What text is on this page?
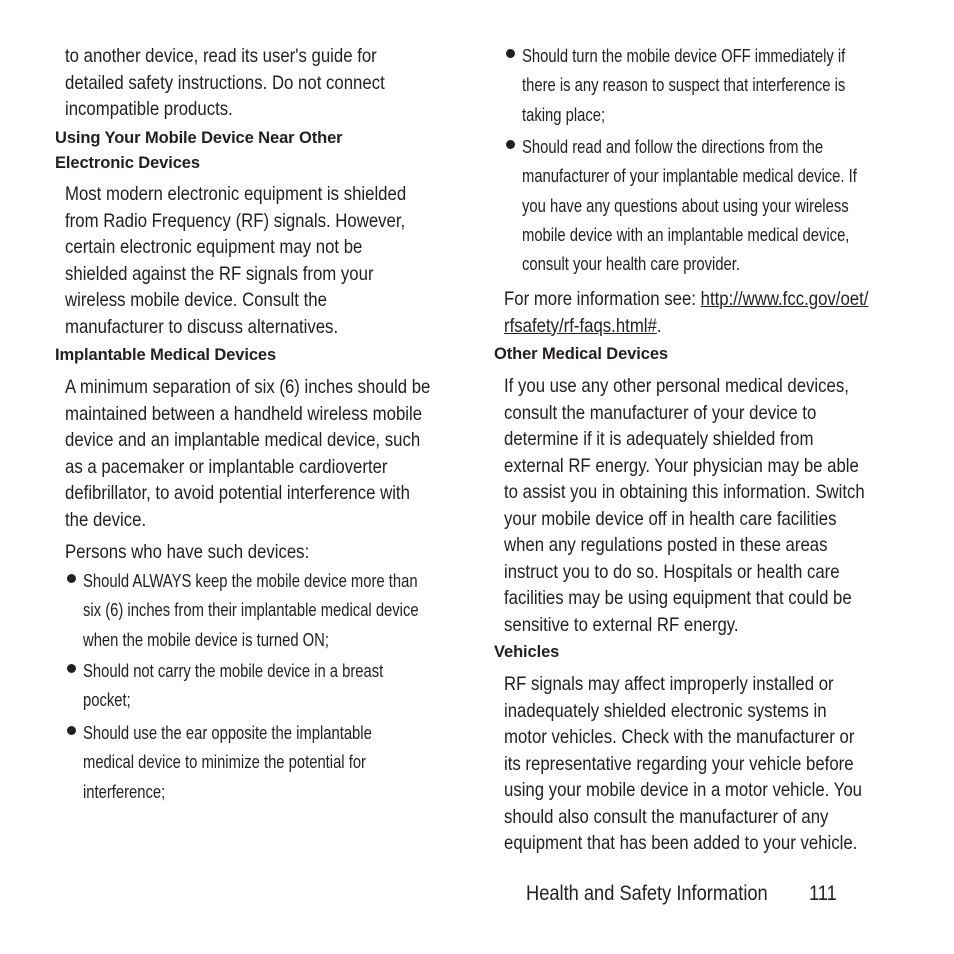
to another device, read its user's guide for
detailed safety instructions. Do not connect
incompatible products.
Using Your Mobile Device Near Other
Electronic Devices
Most modern electronic equipment is shielded
from Radio Frequency (RF) signals. However,
certain electronic equipment may not be
shielded against the RF signals from your
wireless mobile device. Consult the
manufacturer to discuss alternatives.
Implantable Medical Devices
A minimum separation of six (6) inches should be
maintained between a handheld wireless mobile
device and an implantable medical device, such
as a pacemaker or implantable cardioverter
defibrillator, to avoid potential interference with
the device.
Persons who have such devices:
Should ALWAYS keep the mobile device more than
six (6) inches from their implantable medical device
when the mobile device is turned ON;
Should not carry the mobile device in a breast
pocket;
Should use the ear opposite the implantable
medical device to minimize the potential for
interference;
Should turn the mobile device OFF immediately if
there is any reason to suspect that interference is
taking place;
Should read and follow the directions from the
manufacturer of your implantable medical device. If
you have any questions about using your wireless
mobile device with an implantable medical device,
consult your health care provider.
For more information see: http://www.fcc.gov/oet/
rfsafety/rf-faqs.html#.
Other Medical Devices
If you use any other personal medical devices,
consult the manufacturer of your device to
determine if it is adequately shielded from
external RF energy. Your physician may be able
to assist you in obtaining this information. Switch
your mobile device off in health care facilities
when any regulations posted in these areas
instruct you to do so. Hospitals or health care
facilities may be using equipment that could be
sensitive to external RF energy.
Vehicles
RF signals may affect improperly installed or
inadequately shielded electronic systems in
motor vehicles. Check with the manufacturer or
its representative regarding your vehicle before
using your mobile device in a motor vehicle. You
should also consult the manufacturer of any
equipment that has been added to your vehicle.
Health and Safety Information 111
